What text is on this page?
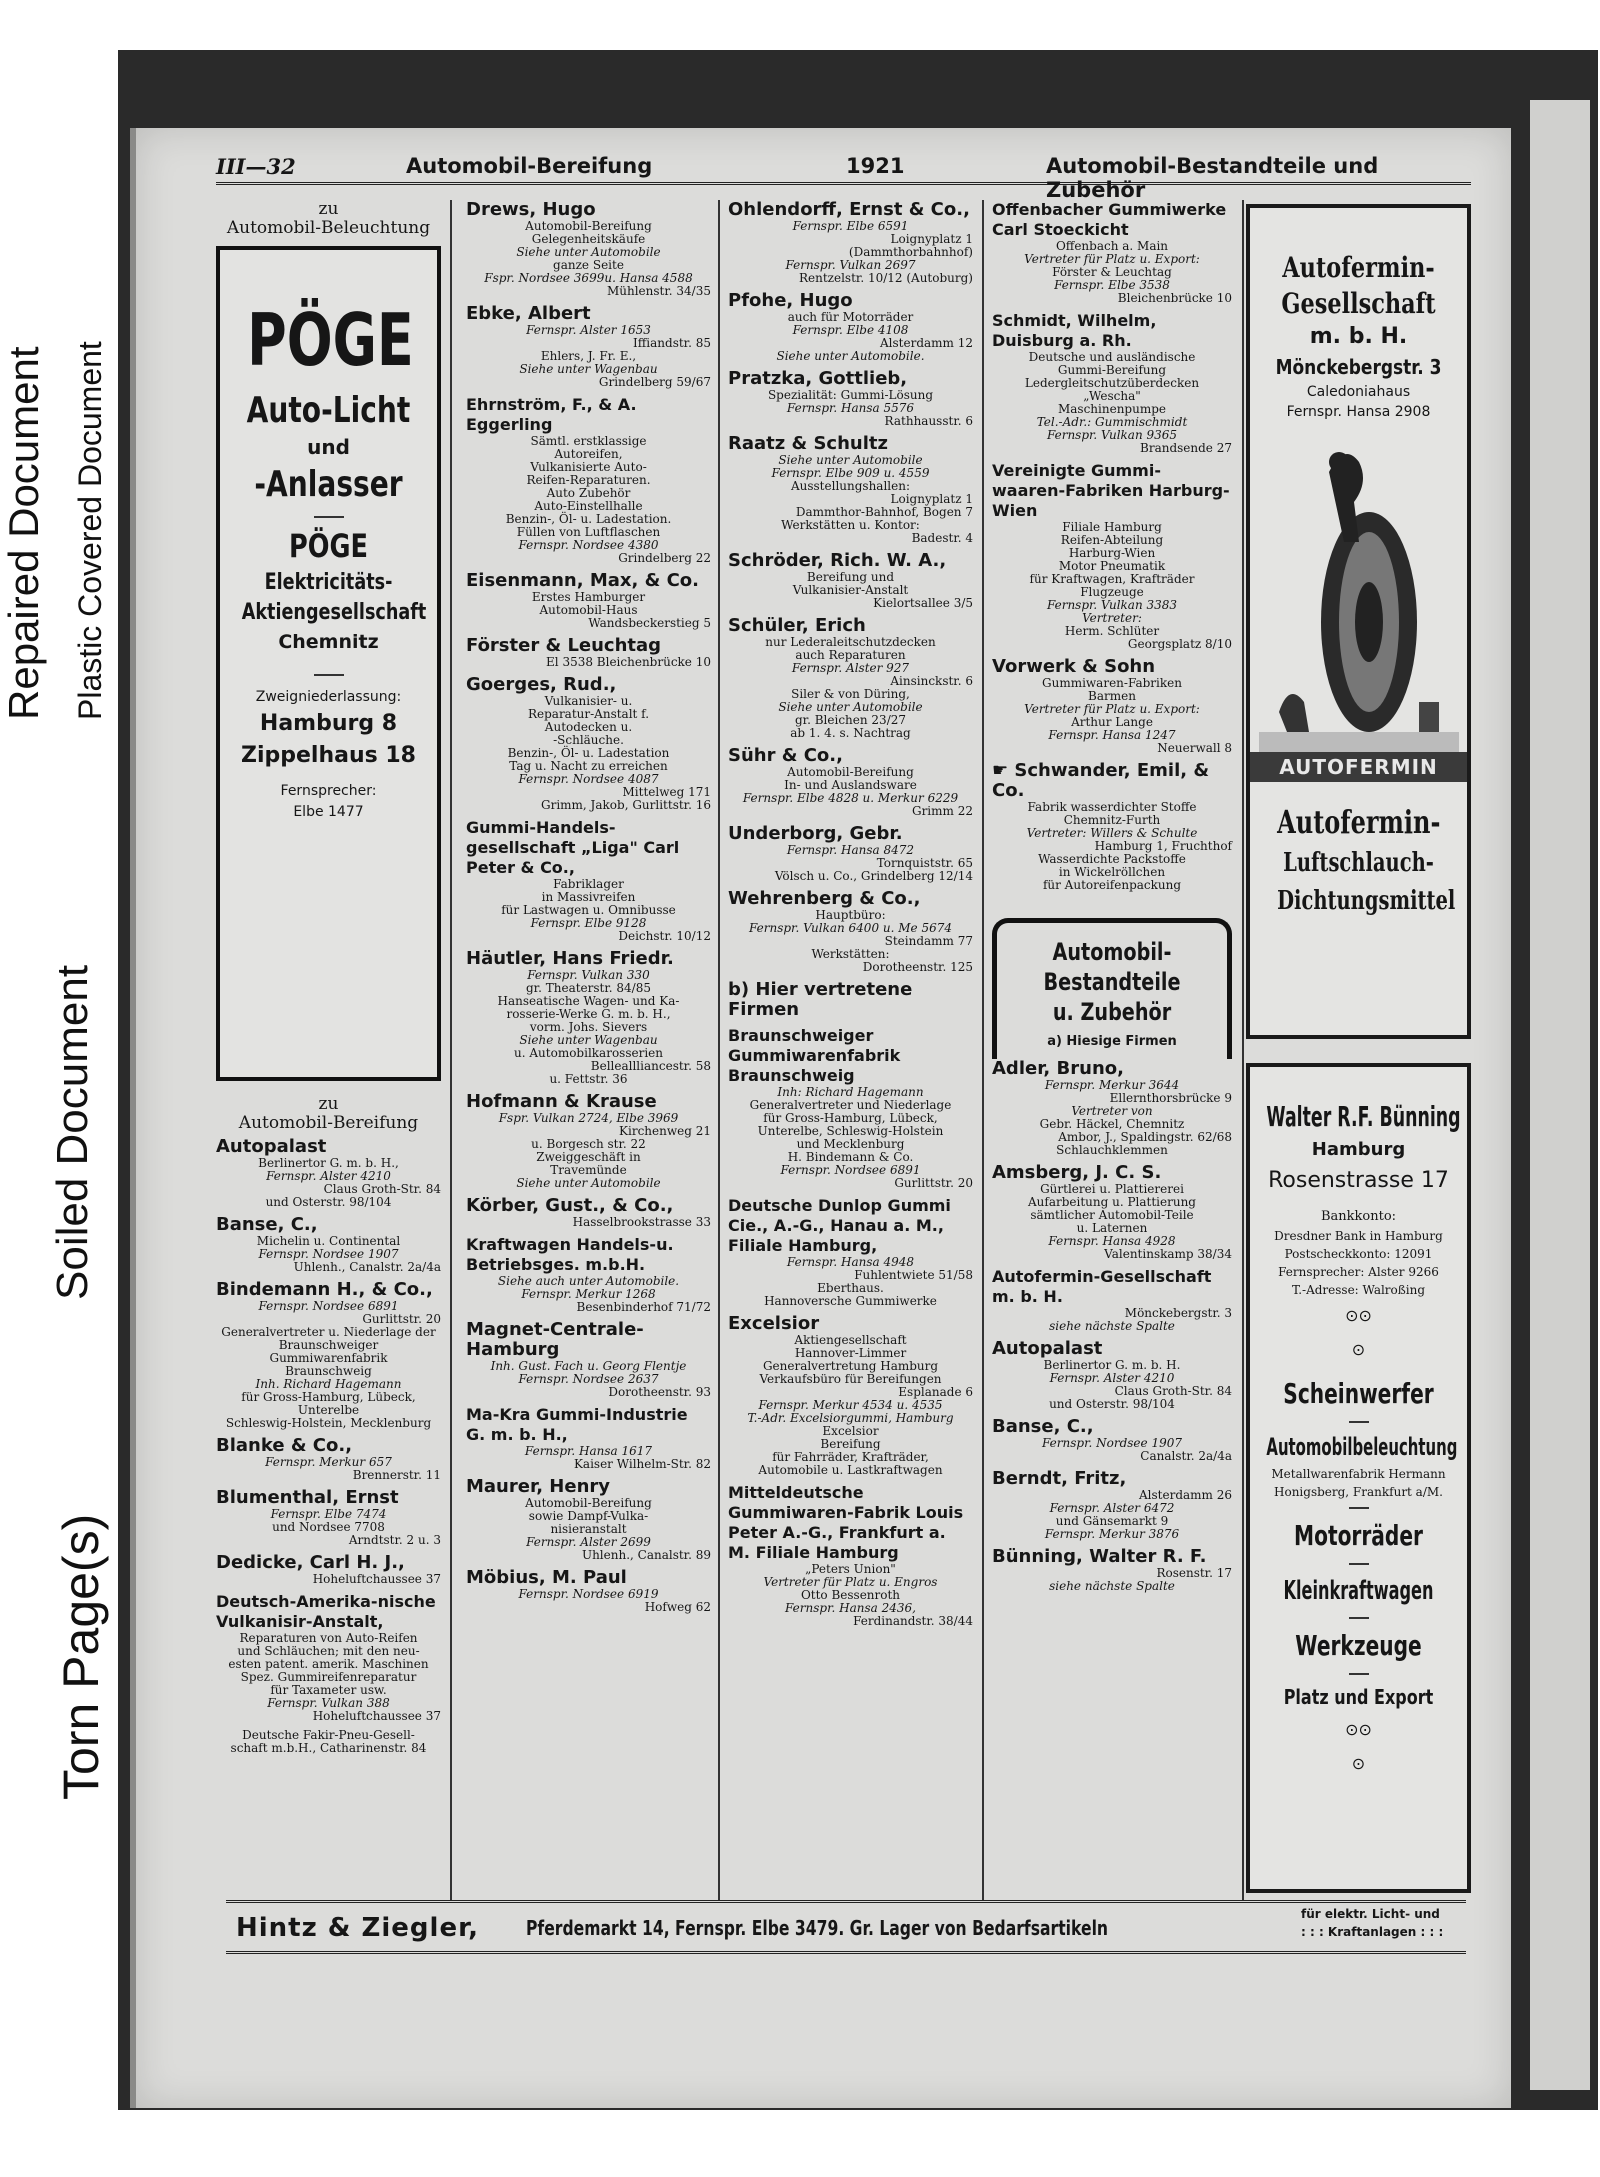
Repaired Document Plastic Covered Document
Soiled Document
Torn Page(s)
III—32	Automobil-Bereifung	1921	Automobil-Bestandteile und Zubehör
zu
Automobil-Beleuchtung
PÖGE
Auto-Licht
und
-Anlasser
PÖGE
Elektricitäts-
Aktiengesellschaft
Chemnitz
Zweigniederlassung:
Hamburg 8
Zippelhaus 18
Fernsprecher:
Elbe 1477
zu
Automobil-Bereifung
Autopalast
Berlinertor G. m. b. H.,
Fernspr. Alster 4210
Claus Groth-Str. 84
und Osterstr. 98/104
Banse, C.,
Michelin u. Continental
Fernspr. Nordsee 1907
Uhlenh., Canalstr. 2a/4a
Bindemann H., & Co.,
Fernspr. Nordsee 6891
Gurlittstr. 20
Generalvertreter u. Niederlage der
Braunschweiger
Gummiwarenfabrik
Braunschweig
Inh. Richard Hagemann
für Gross-Hamburg, Lübeck,
Unterelbe
Schleswig-Holstein, Mecklenburg
Blanke & Co.,
Fernspr. Merkur 657
Brennerstr. 11
Blumenthal, Ernst
Fernspr. Elbe 7474
und Nordsee 7708
Arndtstr. 2 u. 3
Dedicke, Carl H. J.,
Hoheluftchaussee 37
Deutsch-Amerika-nische Vulkanisir-Anstalt,
Reparaturen von Auto-Reifen
und Schläuchen; mit den neu-
esten patent. amerik. Maschinen
Spez. Gummireifenreparatur
für Taxameter usw.
Fernspr. Vulkan 388
Hoheluftchaussee 37
Deutsche Fakir-Pneu-Gesell-
schaft m.b.H., Catharinenstr. 84
Drews, Hugo
Automobil-Bereifung
Gelegenheitskäufe
Siehe unter Automobile
ganze Seite
Fspr. Nordsee 3699u. Hansa 4588
Mühlenstr. 34/35
Ebke, Albert
Fernspr. Alster 1653
Iffiandstr. 85
Ehlers, J. Fr. E.,
Siehe unter Wagenbau
Grindelberg 59/67
Ehrnström, F., & A. Eggerling
Sämtl. erstklassige
Autoreifen,
Vulkanisierte Auto-
Reifen-Reparaturen.
Auto Zubehör
Auto-Einstellhalle
Benzin-, Öl- u. Ladestation.
Füllen von Luftflaschen
Fernspr. Nordsee 4380
Grindelberg 22
Eisenmann, Max, & Co.
Erstes Hamburger
Automobil-Haus
Wandsbeckerstieg 5
Förster & Leuchtag
El 3538 Bleichenbrücke 10
Goerges, Rud.,
Vulkanisier- u.
Reparatur-Anstalt f.
Autodecken u.
-Schläuche.
Benzin-, Öl- u. Ladestation
Tag u. Nacht zu erreichen
Fernspr. Nordsee 4087
Mittelweg 171
Grimm, Jakob, Gurlittstr. 16
Gummi-Handels-gesellschaft „Liga" Carl Peter & Co.,
Fabriklager
in Massivreifen
für Lastwagen u. Omnibusse
Fernspr. Elbe 9128
Deichstr. 10/12
Häutler, Hans Friedr.
Fernspr. Vulkan 330
gr. Theaterstr. 84/85
Hanseatische Wagen- und Ka-
rosserie-Werke G. m. b. H.,
vorm. Johs. Sievers
Siehe unter Wagenbau
u. Automobilkarosserien
Belleallliancestr. 58
u. Fettstr. 36
Hofmann & Krause
Fspr. Vulkan 2724, Elbe 3969
Kirchenweg 21
u. Borgesch str. 22
Zweiggeschäft in
Travemünde
Siehe unter Automobile
Körber, Gust., & Co.,
Hasselbrookstrasse 33
Kraftwagen Handels-u. Betriebsges. m.b.H.
Siehe auch unter Automobile.
Fernspr. Merkur 1268
Besenbinderhof 71/72
Magnet-Centrale-Hamburg
Inh. Gust. Fach u. Georg Flentje
Fernspr. Nordsee 2637
Dorotheenstr. 93
Ma-Kra Gummi-Industrie G. m. b. H.,
Fernspr. Hansa 1617
Kaiser Wilhelm-Str. 82
Maurer, Henry
Automobil-Bereifung
sowie Dampf-Vulka-
nisieranstalt
Fernspr. Alster 2699
Uhlenh., Canalstr. 89
Möbius, M. Paul
Fernspr. Nordsee 6919
Hofweg 62
Ohlendorff, Ernst & Co.,
Fernspr. Elbe 6591
Loignyplatz 1
(Dammthorbahnhof)
Fernspr. Vulkan 2697
Rentzelstr. 10/12 (Autoburg)
Pfohe, Hugo
auch für Motorräder
Fernspr. Elbe 4108
Alsterdamm 12
Siehe unter Automobile.
Pratzka, Gottlieb,
Spezialität: Gummi-Lösung
Fernspr. Hansa 5576
Rathhausstr. 6
Raatz & Schultz
Siehe unter Automobile
Fernspr. Elbe 909 u. 4559
Ausstellungshallen:
Loignyplatz 1
Dammthor-Bahnhof, Bogen 7
Werkstätten u. Kontor:
Badestr. 4
Schröder, Rich. W. A.,
Bereifung und
Vulkanisier-Anstalt
Kielortsallee 3/5
Schüler, Erich
nur Lederaleitschutzdecken
auch Reparaturen
Fernspr. Alster 927
Ainsinckstr. 6
Siler & von Düring,
Siehe unter Automobile
gr. Bleichen 23/27
ab 1. 4. s. Nachtrag
Sühr & Co.,
Automobil-Bereifung
In- und Auslandsware
Fernspr. Elbe 4828 u. Merkur 6229
Grimm 22
Underborg, Gebr.
Fernspr. Hansa 8472
Tornquiststr. 65
Völsch u. Co., Grindelberg 12/14
Wehrenberg & Co.,
Hauptbüro:
Fernspr. Vulkan 6400 u. Me 5674
Steindamm 77
Werkstätten:
Dorotheenstr. 125
b) Hier vertretene Firmen
Braunschweiger Gummiwarenfabrik Braunschweig
Inh: Richard Hagemann
Generalvertreter und Niederlage
für Gross-Hamburg, Lübeck,
Unterelbe, Schleswig-Holstein
und Mecklenburg
H. Bindemann & Co.
Fernspr. Nordsee 6891
Gurlittstr. 20
Deutsche Dunlop Gummi Cie., A.-G., Hanau a. M., Filiale Hamburg,
Fernspr. Hansa 4948
Fuhlentwiete 51/58
Eberthaus.
Hannoversche Gummiwerke
Excelsior
Aktiengesellschaft
Hannover-Limmer
Generalvertretung Hamburg
Verkaufsbüro für Bereifungen
Esplanade 6
Fernspr. Merkur 4534 u. 4535
T.-Adr. Excelsiorgummi, Hamburg
Excelsior
Bereifung
für Fahrräder, Krafträder,
Automobile u. Lastkraftwagen
Mitteldeutsche Gummiwaren-Fabrik Louis Peter A.-G., Frankfurt a. M. Filiale Hamburg
„Peters Union"
Vertreter für Platz u. Engros
Otto Bessenroth
Fernspr. Hansa 2436,
Ferdinandstr. 38/44
Offenbacher Gummiwerke Carl Stoeckicht
Offenbach a. Main
Vertreter für Platz u. Export:
Förster & Leuchtag
Fernspr. Elbe 3538
Bleichenbrücke 10
Schmidt, Wilhelm, Duisburg a. Rh.
Deutsche und ausländische
Gummi-Bereifung
Ledergleitschutzüberdecken
„Wescha"
Maschinenpumpe
Tel.-Adr.: Gummischmidt
Fernspr. Vulkan 9365
Brandsende 27
Vereinigte Gummi-waaren-Fabriken Harburg-Wien
Filiale Hamburg
Reifen-Abteilung
Harburg-Wien
Motor Pneumatik
für Kraftwagen, Krafträder
Flugzeuge
Fernspr. Vulkan 3383
Vertreter:
Herm. Schlüter
Georgsplatz 8/10
Vorwerk & Sohn
Gummiwaren-Fabriken
Barmen
Vertreter für Platz u. Export:
Arthur Lange
Fernspr. Hansa 1247
Neuerwall 8
☛ Schwander, Emil, & Co.
Fabrik wasserdichter Stoffe
Chemnitz-Furth
Vertreter: Willers & Schulte
Hamburg 1, Fruchthof
Wasserdichte Packstoffe
in Wickelröllchen
für Autoreifenpackung
Automobil-
Bestandteile
u. Zubehör
a) Hiesige Firmen
Adler, Bruno,
Fernspr. Merkur 3644
Ellernthorsbrücke 9
Vertreter von
Gebr. Häckel, Chemnitz
Ambor, J., Spaldingstr. 62/68
Schlauchklemmen
Amsberg, J. C. S.
Gürtlerei u. Plattiererei
Aufarbeitung u. Plattierung
sämtlicher Automobil-Teile
u. Laternen
Fernspr. Hansa 4928
Valentinskamp 38/34
Autofermin-Gesellschaft m. b. H.
Mönckebergstr. 3
siehe nächste Spalte
Autopalast
Berlinertor G. m. b. H.
Fernspr. Alster 4210
Claus Groth-Str. 84
und Osterstr. 98/104
Banse, C.,
Fernspr. Nordsee 1907
Canalstr. 2a/4a
Berndt, Fritz,
Alsterdamm 26
Fernspr. Alster 6472
und Gänsemarkt 9
Fernspr. Merkur 3876
Bünning, Walter R. F.
Rosenstr. 17
siehe nächste Spalte
Autofermin-
Gesellschaft
m. b. H.
Mönckebergstr. 3
Caledoniahaus
Fernspr. Hansa 2908
AUTOFERMIN
Autofermin-
Luftschlauch-
Dichtungsmittel
Walter R.F. Bünning
Hamburg
Rosenstrasse 17
Bankkonto:
Dresdner Bank in Hamburg
Postscheckkonto: 12091
Fernsprecher: Alster 9266
T.-Adresse: Walroßing
⊙⊙
⊙
Scheinwerfer
Automobilbeleuchtung
Metallwarenfabrik Hermann
Honigsberg, Frankfurt a/M.
Motorräder
Kleinkraftwagen
Werkzeuge
Platz und Export
⊙⊙
⊙
Hintz & Ziegler, Pferdemarkt 14, Fernspr. Elbe 3479. Gr. Lager von Bedarfsartikeln
für elektr. Licht- und
: : : Kraftanlagen : : :
